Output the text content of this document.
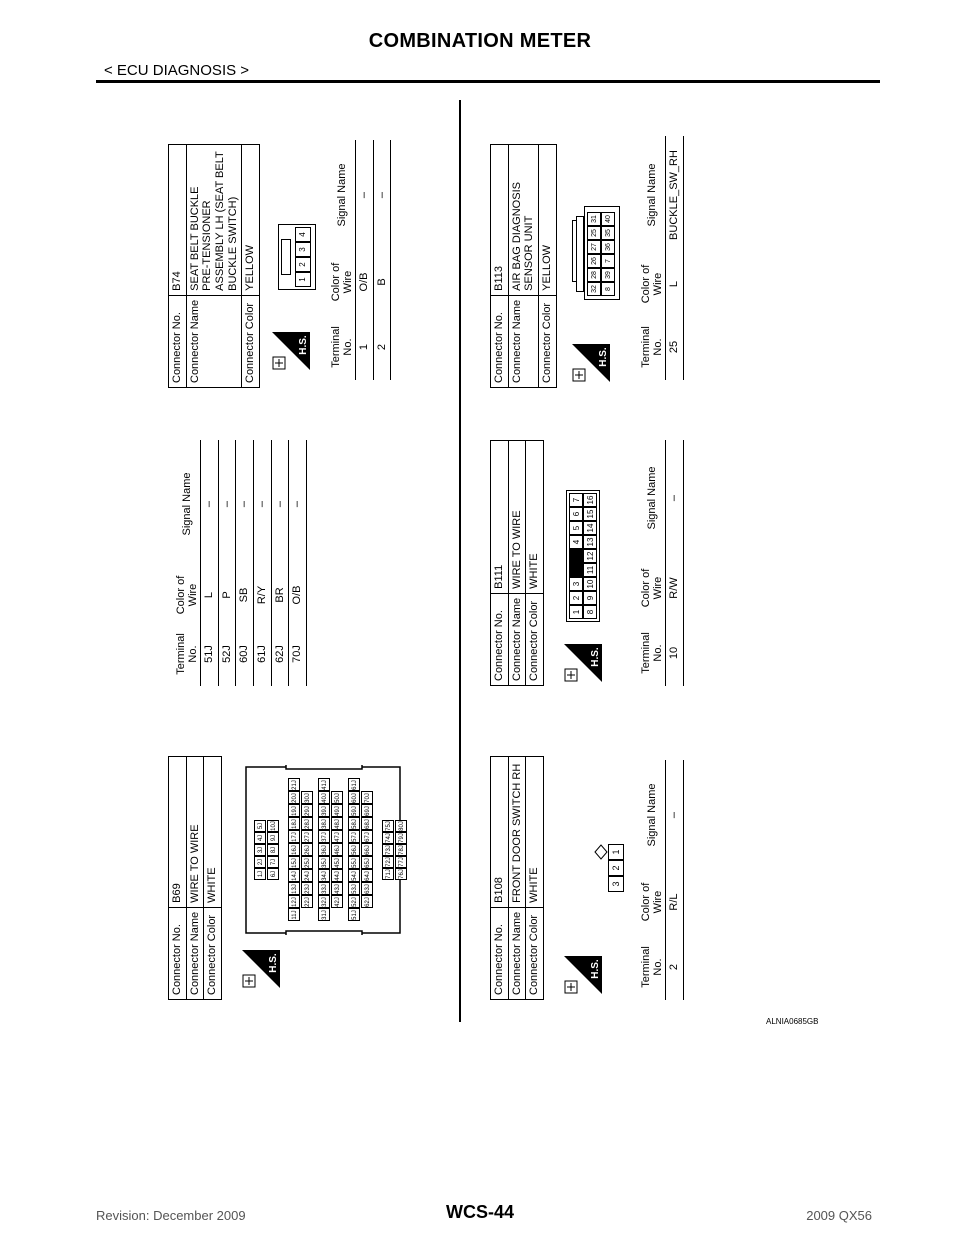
COMBINATION METER
< ECU DIAGNOSIS >
Connector No.	B69
Connector Name	WIRE TO WIRE
Connector Color	WHITE
H.S.
1J
2J
3J
4J
5J
6J
7J
8J
9J
10J
11J
12J
13J
14J
15J
16J
17J
18J
19J
20J
21J
22J
23J
24J
25J
26J
27J
28J
29J
30J
31J
32J
33J
34J
35J
36J
37J
38J
39J
40J
41J
42J
43J
44J
45J
46J
47J
48J
49J
50J
51J
52J
53J
54J
55J
56J
57J
58J
59J
60J
61J
62J
63J
64J
65J
66J
67J
68J
69J
70J
71J
72J
73J
74J
75J
76J
77J
78J
79J
80J
Terminal No.	Color of Wire	Signal Name
51J	L	–
52J	P	–
60J	SB	–
61J	R/Y	–
62J	BR	–
70J	O/B	–
Connector No.	B74
Connector Name	SEAT BELT BUCKLE
PRE-TENSIONER
ASSEMBLY LH (SEAT BELT
BUCKLE SWITCH)
Connector Color	YELLOW
H.S.
1
2
3
4
Terminal No.	Color of Wire	Signal Name
1	O/B	–
2	B	–
Connector No.	B108
Connector Name	FRONT DOOR SWITCH RH
Connector Color	WHITE
H.S.
3
2
1
Terminal No.	Color of Wire	Signal Name
2	R/L	–
Connector No.	B111
Connector Name	WIRE TO WIRE
Connector Color	WHITE
H.S.
1
2
3
4
5
6
7
8
9
10
11
12
13
14
15
16
Terminal No.	Color of Wire	Signal Name
10	R/W	–
Connector No.	B113
Connector Name	AIR BAG DIAGNOSIS
SENSOR UNIT
Connector Color	YELLOW
H.S.
32
28
26
27
25
31
8
39
7
36
35
40
Terminal No.	Color of Wire	Signal Name
25	L	BUCKLE_SW_RH
ALNIA0685GB
Revision: December 2009	WCS-44	2009 QX56
